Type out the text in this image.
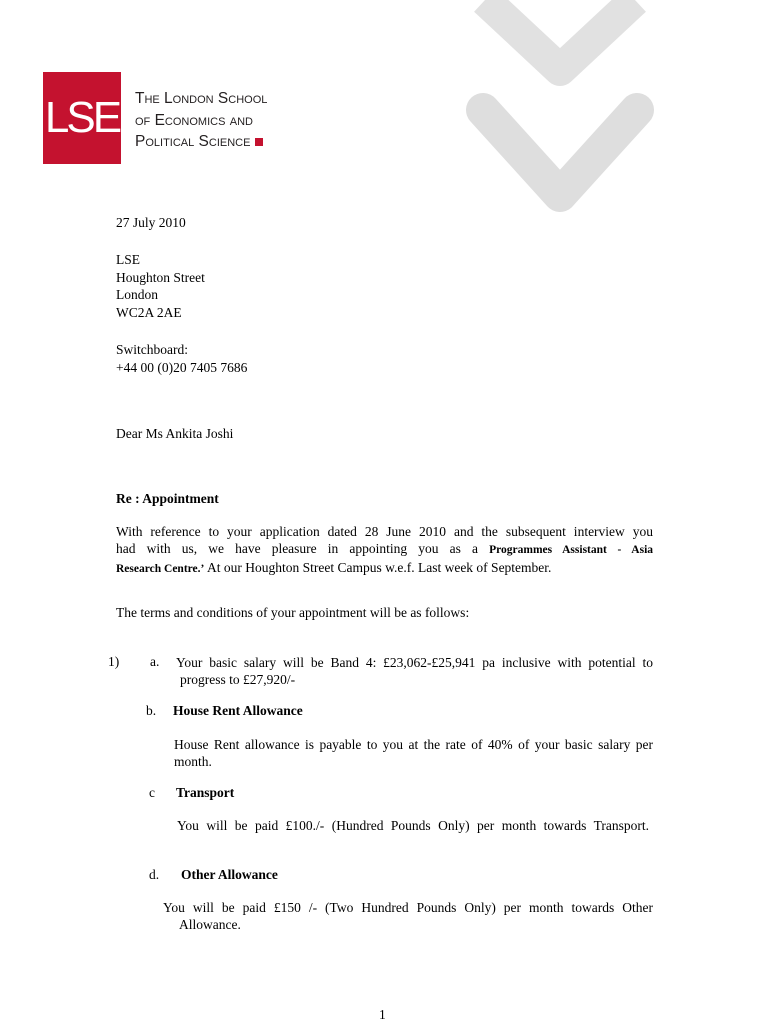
LSE The London School
of Economics and
Political Science
27 July 2010
LSE
Houghton Street
London
WC2A 2AE
Switchboard:
+44 00 (0)20 7405 7686
Dear Ms Ankita Joshi
Re : Appointment
With reference to your application dated 28 June 2010 and the subsequent interview you
had with us, we have pleasure in appointing you as a Programmes Assistant - Asia
Research Centre.’ At our Houghton Street Campus w.e.f. Last week of September.
The terms and conditions of your appointment will be as follows:
1) a. Your basic salary will be Band 4: £23,062-£25,941 pa inclusive with potential to
progress to £27,920/-
b. House Rent Allowance
House Rent allowance is payable to you at the rate of 40% of your basic salary per
month.
c Transport
You will be paid £100./- (Hundred Pounds Only) per month towards Transport.
d. Other Allowance
You will be paid £150 /- (Two Hundred Pounds Only) per month towards Other
Allowance.
1
